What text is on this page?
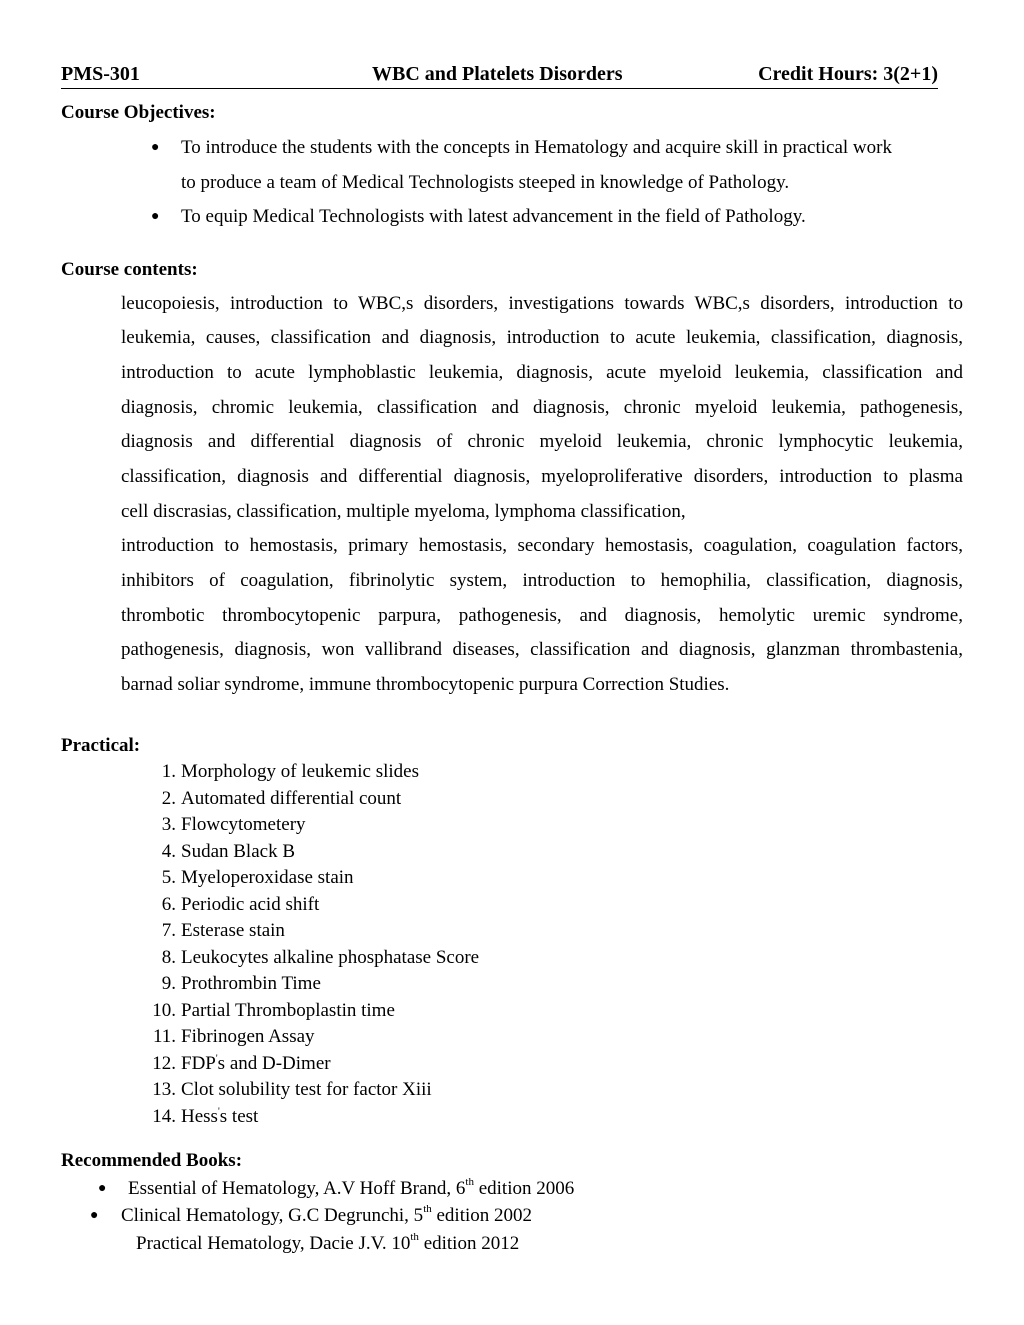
PMS-301	WBC and Platelets Disorders	Credit Hours: 3(2+1)
Course Objectives:
● To introduce the students with the concepts in Hematology and acquire skill in practical work
to produce a team of Medical Technologists steeped in knowledge of Pathology.
● To equip Medical Technologists with latest advancement in the field of Pathology.
Course contents:
leucopoiesis, introduction to WBC,s disorders, investigations towards WBC,s disorders, introduction to
leukemia, causes, classification and diagnosis, introduction to acute leukemia, classification, diagnosis,
introduction to acute lymphoblastic leukemia, diagnosis, acute myeloid leukemia, classification and
diagnosis, chromic leukemia, classification and diagnosis, chronic myeloid leukemia, pathogenesis,
diagnosis and differential diagnosis of chronic myeloid leukemia, chronic lymphocytic leukemia,
classification, diagnosis and differential diagnosis, myeloproliferative disorders, introduction to plasma
cell discrasias, classification, multiple myeloma, lymphoma classification,
introduction to hemostasis, primary hemostasis, secondary hemostasis, coagulation, coagulation factors,
inhibitors of coagulation, fibrinolytic system, introduction to hemophilia, classification, diagnosis,
thrombotic thrombocytopenic parpura, pathogenesis, and diagnosis, hemolytic uremic syndrome,
pathogenesis, diagnosis, won vallibrand diseases, classification and diagnosis, glanzman thrombastenia,
barnad soliar syndrome, immune thrombocytopenic purpura Correction Studies.
Practical:
1. Morphology of leukemic slides
2. Automated differential count
3. Flowcytometery
4. Sudan Black B
5. Myeloperoxidase stain
6. Periodic acid shift
7. Esterase stain
8. Leukocytes alkaline phosphatase Score
9. Prothrombin Time
10. Partial Thromboplastin time
11. Fibrinogen Assay
12. FDP's and D-Dimer
13. Clot solubility test for factor Xiii
14. Hess's test
Recommended Books:
● Essential of Hematology, A.V Hoff Brand, 6th edition 2006
● Clinical Hematology, G.C Degrunchi, 5th edition 2002
Practical Hematology, Dacie J.V. 10th edition 2012
